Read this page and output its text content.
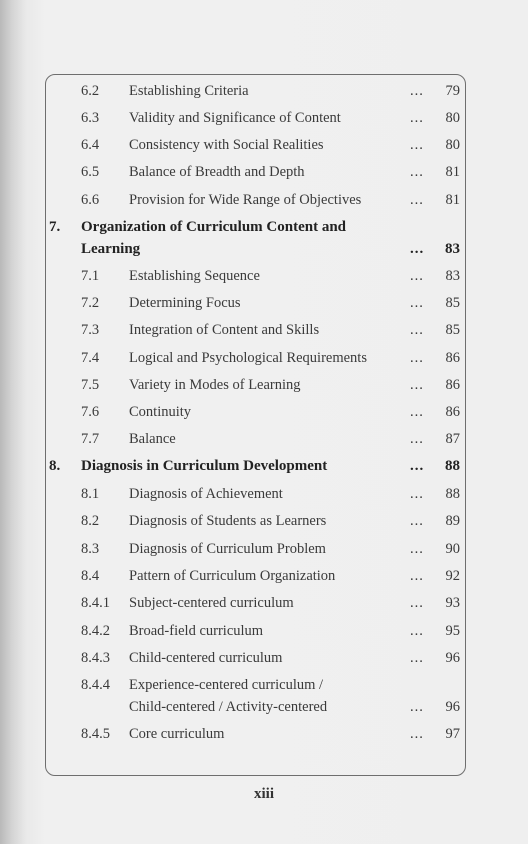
6.2 Establishing Criteria	... 79
6.3 Validity and Significance of Content	... 80
6.4 Consistency with Social Realities	... 80
6.5 Balance of Breadth and Depth	... 81
6.6 Provision for Wide Range of Objectives	... 81
7. Organization of Curriculum Content and
Learning	... 83
7.1 Establishing Sequence	... 83
7.2 Determining Focus	... 85
7.3 Integration of Content and Skills	... 85
7.4 Logical and Psychological Requirements	... 86
7.5 Variety in Modes of Learning	... 86
7.6 Continuity	... 86
7.7 Balance	... 87
8. Diagnosis in Curriculum Development	... 88
8.1 Diagnosis of Achievement	... 88
8.2 Diagnosis of Students as Learners	... 89
8.3 Diagnosis of Curriculum Problem	... 90
8.4 Pattern of Curriculum Organization	... 92
8.4.1 Subject-centered curriculum	... 93
8.4.2 Broad-field curriculum	... 95
8.4.3 Child-centered curriculum	... 96
8.4.4 Experience-centered curriculum /
Child-centered / Activity-centered	... 96
8.4.5 Core curriculum	... 97
xiii
